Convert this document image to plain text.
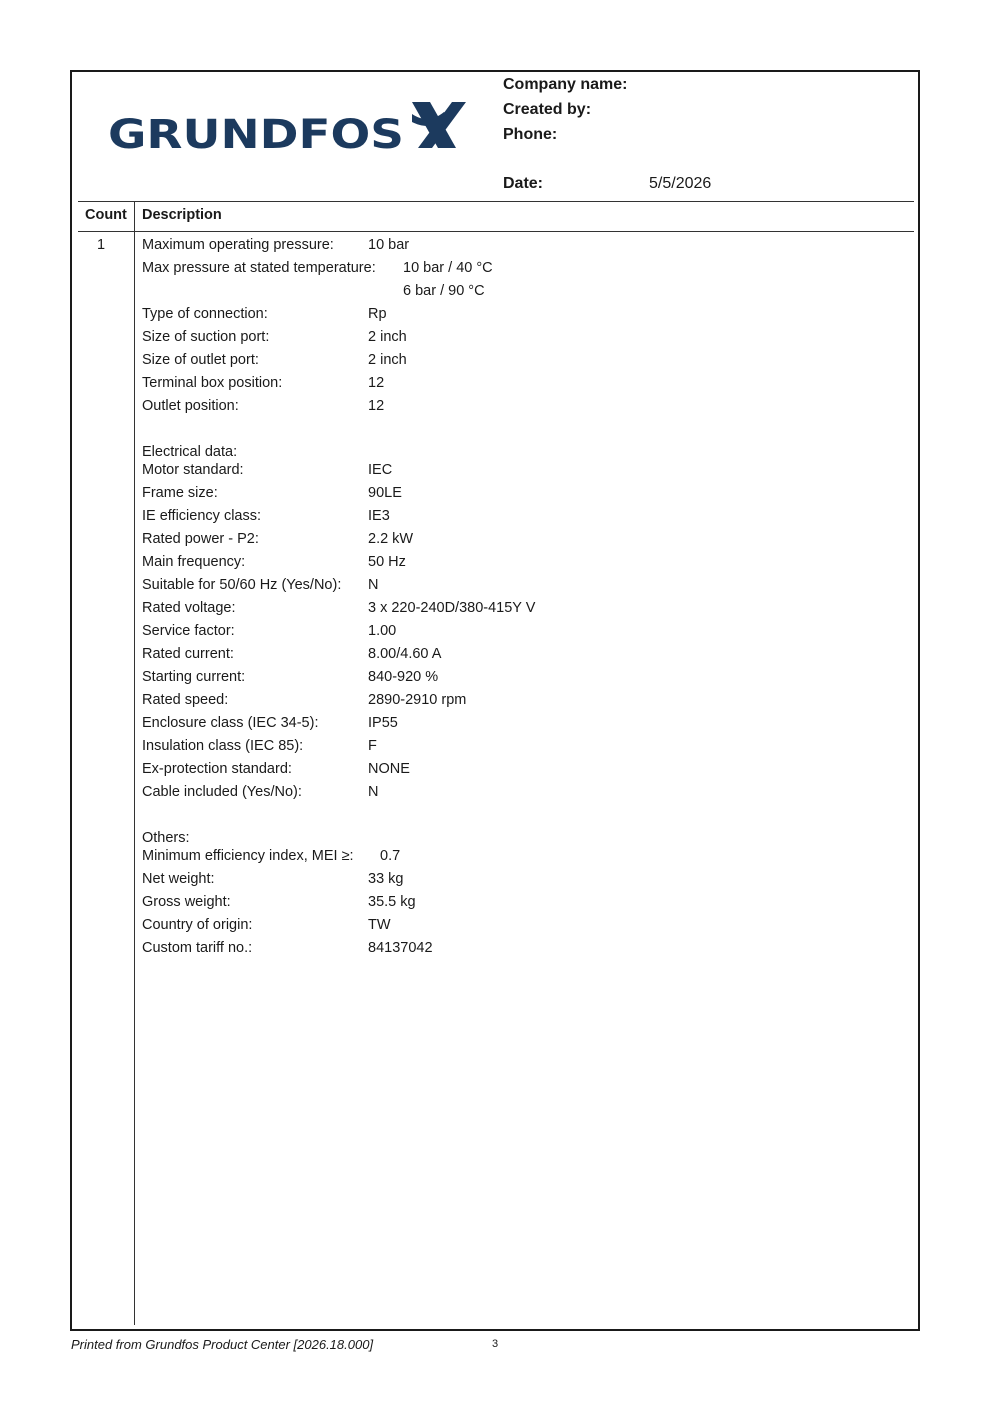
GRUNDFOS
Company name:
Created by:
Phone:
Date:	5/5/2026
Count Description
1	Maximum operating pressure: 10 bar
Max pressure at stated temperature: 10 bar / 40 °C
6 bar / 90 °C
Type of connection:	Rp
Size of suction port:	2 inch
Size of outlet port:	2 inch
Terminal box position:	12
Outlet position:	12
Electrical data:
Motor standard:	IEC
Frame size:	90LE
IE efficiency class:	IE3
Rated power - P2:	2.2 kW
Main frequency:	50 Hz
Suitable for 50/60 Hz (Yes/No): N
Rated voltage:	3 x 220-240D/380-415Y V
Service factor:	1.00
Rated current:	8.00/4.60 A
Starting current:	840-920 %
Rated speed:	2890-2910 rpm
Enclosure class (IEC 34-5):	IP55
Insulation class (IEC 85):	F
Ex-protection standard:	NONE
Cable included (Yes/No):	N
Others:
Minimum efficiency index, MEI ≥: 0.7
Net weight:	33 kg
Gross weight:	35.5 kg
Country of origin:	TW
Custom tariff no.:	84137042
Printed from Grundfos Product Center [2026.18.000]	3
